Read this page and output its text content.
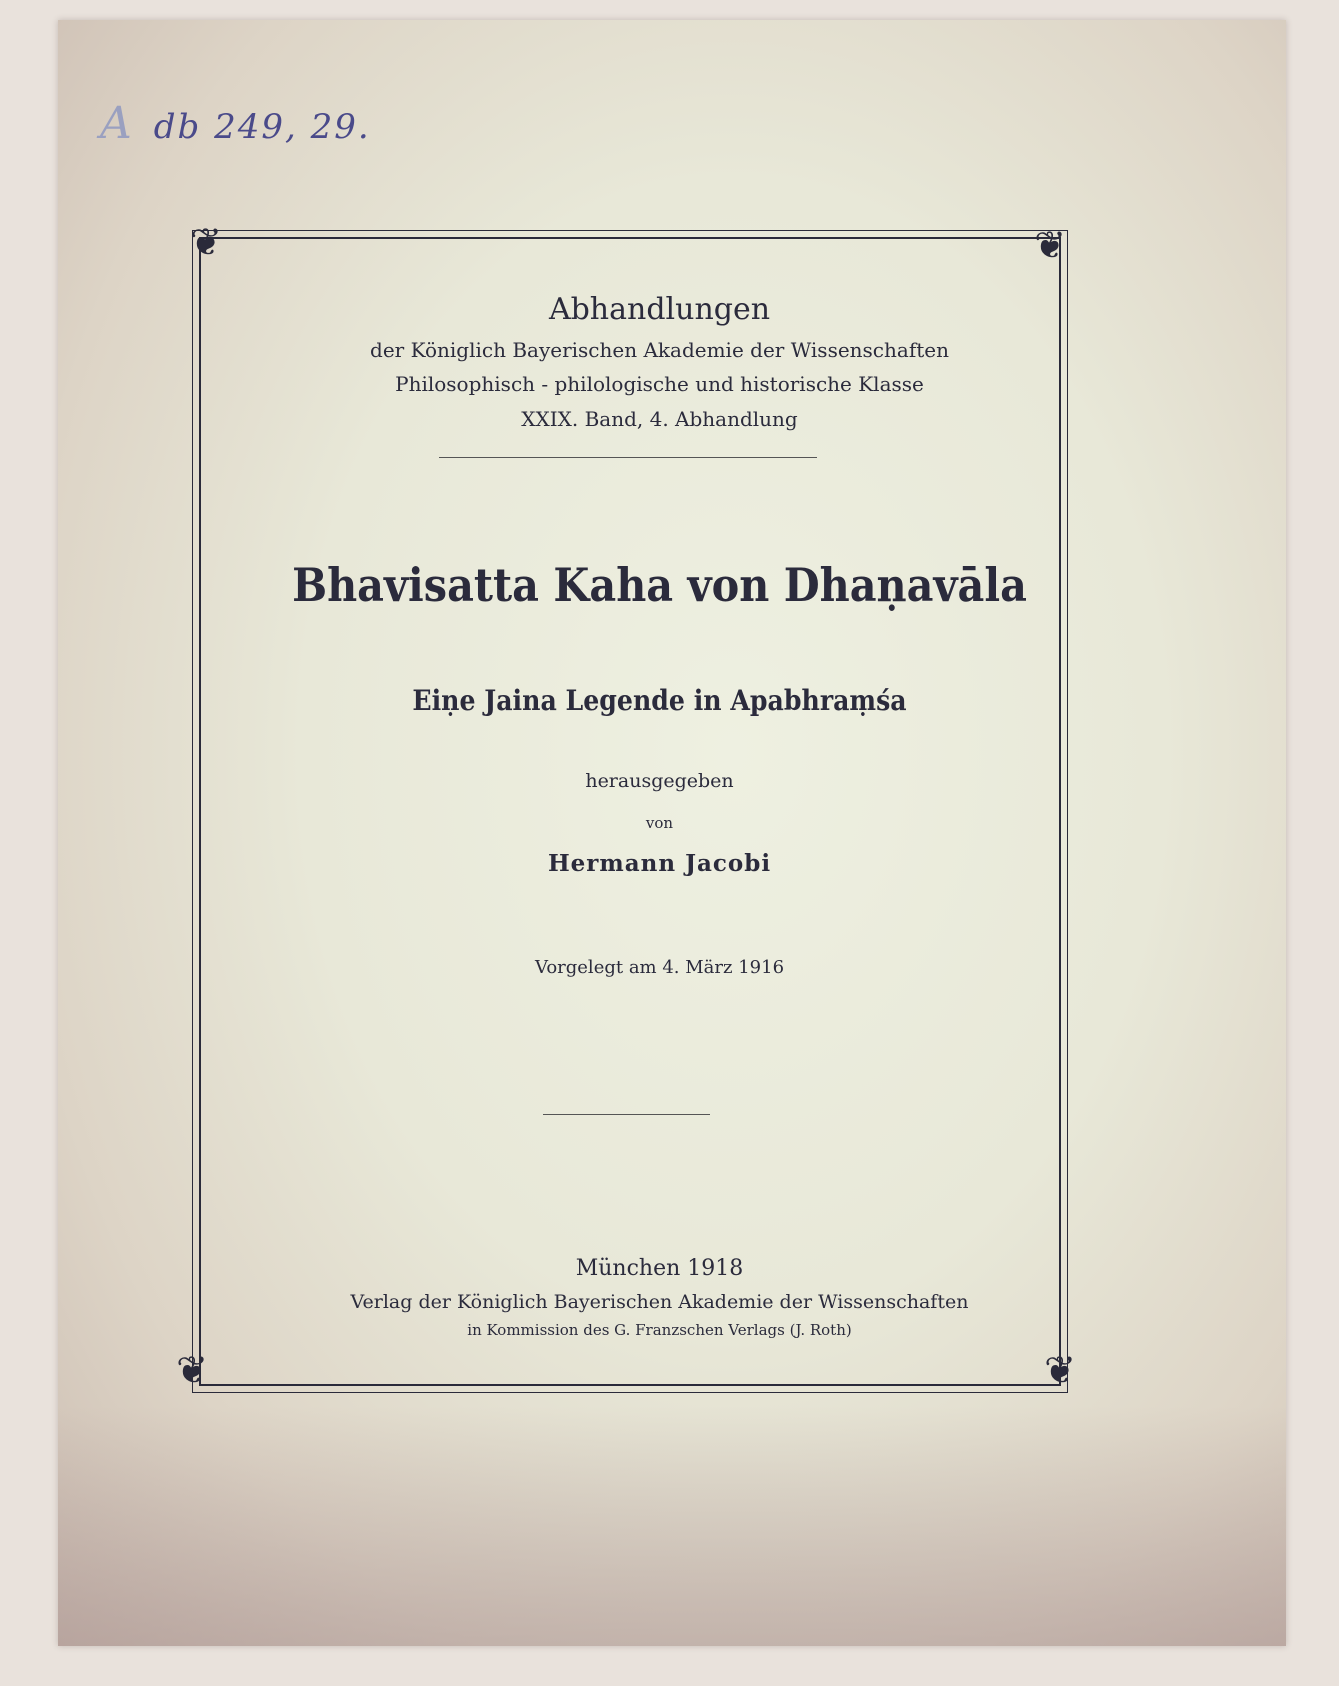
A db 249, 29.
❦	❦
❦	❦
Abhandlungen
der Königlich Bayerischen Akademie der Wissenschaften
Philosophisch - philologische und historische Klasse
XXIX. Band, 4. Abhandlung
Bhavisatta Kaha von Dhaṇavāla
Eiṇe Jaina Legende in Apabhraṃśa
herausgegeben
von
Hermann Jacobi
Vorgelegt am 4. März 1916
München 1918
Verlag der Königlich Bayerischen Akademie der Wissenschaften
in Kommission des G. Franzschen Verlags (J. Roth)
